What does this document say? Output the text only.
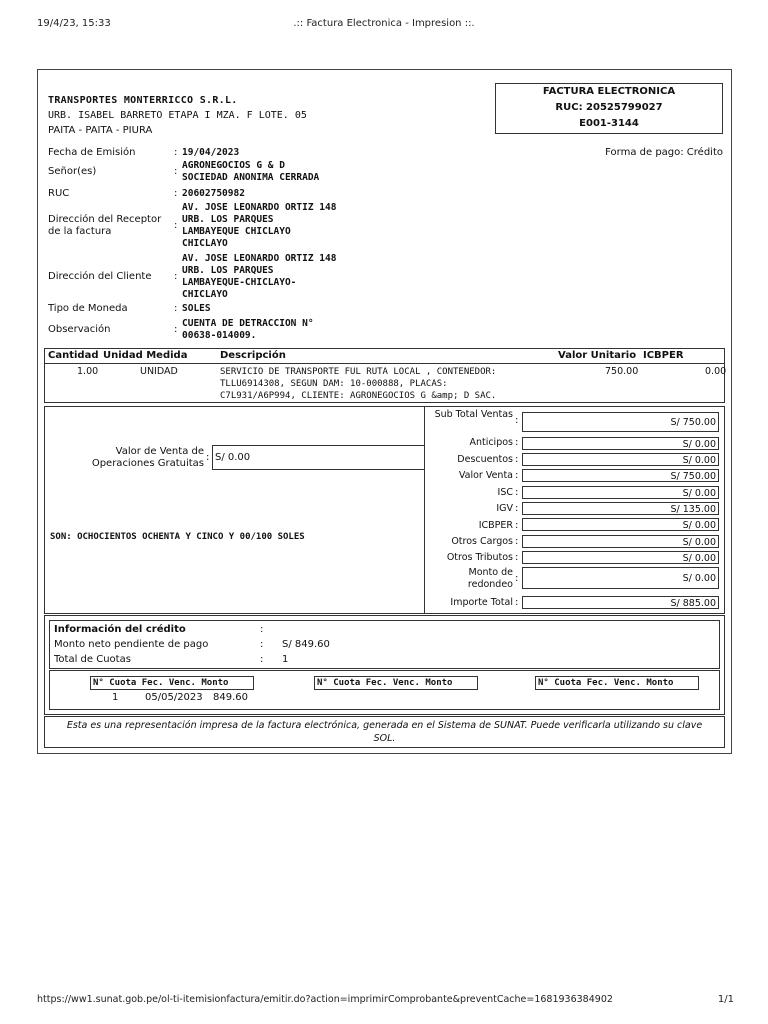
19/4/23, 15:33	.:: Factura Electronica - Impresion ::.
TRANSPORTES MONTERRICCO S.R.L.
URB. ISABEL BARRETO ETAPA I MZA. F LOTE. 05
PAITA - PAITA - PIURA
FACTURA ELECTRONICA
RUC: 20525799027
E001-3144
Fecha de Emisión	: 19/04/2023	Forma de pago: Crédito
Señor(es)	:
AGRONEGOCIOS G & D
SOCIEDAD ANONIMA CERRADA
RUC	: 20602750982
Dirección del Receptor
de la factura
:
AV. JOSE LEONARDO ORTIZ 148
URB. LOS PARQUES
LAMBAYEQUE CHICLAYO
CHICLAYO
Dirección del Cliente :
AV. JOSE LEONARDO ORTIZ 148
URB. LOS PARQUES
LAMBAYEQUE-CHICLAYO-
CHICLAYO
Tipo de Moneda	: SOLES
Observación	:
CUENTA DE DETRACCION N°
00638-014009.
Cantidad Unidad Medida	Descripción	Valor Unitario ICBPER
1.00	UNIDAD	SERVICIO DE TRANSPORTE FUL RUTA LOCAL , CONTENEDOR:
TLLU6914308, SEGUN DAM: 10-000888, PLACAS:
C7L931/A6P994, CLIENTE: AGRONEGOCIOS G &amp; D SAC.
750.00	0.00
Valor de Venta de
Operaciones Gratuitas
: S/ 0.00
SON: OCHOCIENTOS OCHENTA Y CINCO Y 00/100 SOLES
Sub Total Ventas
:	S/ 750.00
Anticipos :	S/ 0.00
Descuentos :	S/ 0.00
Valor Venta :	S/ 750.00
ISC :	S/ 0.00
IGV :	S/ 135.00
ICBPER :	S/ 0.00
Otros Cargos :	S/ 0.00
Otros Tributos :	S/ 0.00
Monto de redondeo
:	S/ 0.00
Importe Total :	S/ 885.00
Información del crédito	:
Monto neto pendiente de pago	: S/ 849.60
Total de Cuotas	: 1
N° Cuota Fec. Venc. Monto
1	05/05/2023 849.60
N° Cuota Fec. Venc. Monto	N° Cuota Fec. Venc. Monto
Esta es una representación impresa de la factura electrónica, generada en el Sistema de SUNAT. Puede verificarla utilizando su clave
SOL.
https://ww1.sunat.gob.pe/ol-ti-itemisionfactura/emitir.do?action=imprimirComprobante&preventCache=1681936384902	1/1
